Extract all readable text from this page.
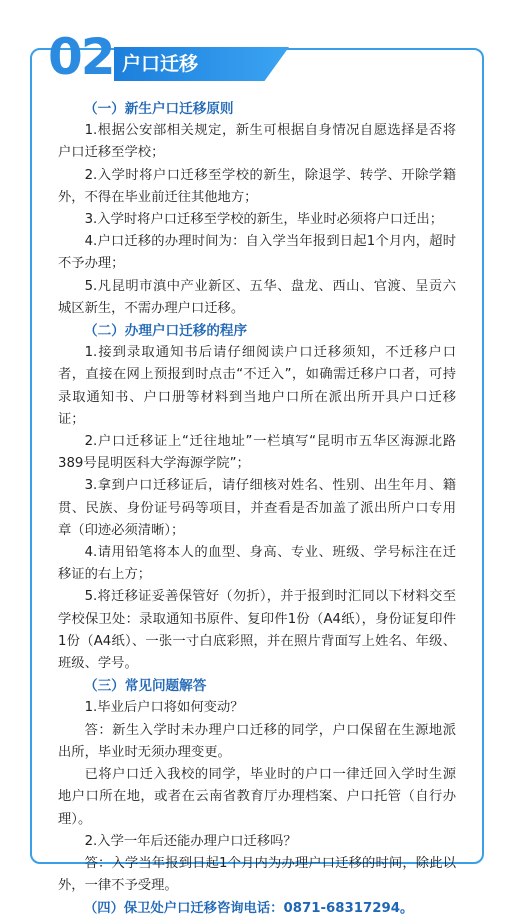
02 户口迁移
（一）新生户口迁移原则
1.根据公安部相关规定，新生可根据自身情况自愿选择是否将户口迁移至学校；
2.入学时将户口迁移至学校的新生，除退学、转学、开除学籍外，不得在毕业前迁往其他地方；
3.入学时将户口迁移至学校的新生，毕业时必须将户口迁出；
4.户口迁移的办理时间为：自入学当年报到日起1个月内，超时不予办理；
5.凡昆明市滇中产业新区、五华、盘龙、西山、官渡、呈贡六城区新生，不需办理户口迁移。
（二）办理户口迁移的程序
1.接到录取通知书后请仔细阅读户口迁移须知，不迁移户口者，直接在网上预报到时点击“不迁入”，如确需迁移户口者，可持录取通知书、户口册等材料到当地户口所在派出所开具户口迁移证；
2.户口迁移证上“迁往地址”一栏填写“昆明市五华区海源北路389号昆明医科大学海源学院”；
3.拿到户口迁移证后，请仔细核对姓名、性别、出生年月、籍贯、民族、身份证号码等项目，并查看是否加盖了派出所户口专用章（印迹必须清晰）；
4.请用铅笔将本人的血型、身高、专业、班级、学号标注在迁移证的右上方；
5.将迁移证妥善保管好（勿折），并于报到时汇同以下材料交至学校保卫处：录取通知书原件、复印件1份（A4纸），身份证复印件1份（A4纸）、一张一寸白底彩照，并在照片背面写上姓名、年级、班级、学号。
（三）常见问题解答
1.毕业后户口将如何变动？
答：新生入学时未办理户口迁移的同学，户口保留在生源地派出所，毕业时无须办理变更。
已将户口迁入我校的同学，毕业时的户口一律迁回入学时生源地户口所在地，或者在云南省教育厅办理档案、户口托管（自行办理）。
2.入学一年后还能办理户口迁移吗？
答：入学当年报到日起1个月内为办理户口迁移的时间，除此以外，一律不予受理。
（四）保卫处户口迁移咨询电话：0871-68317294。
